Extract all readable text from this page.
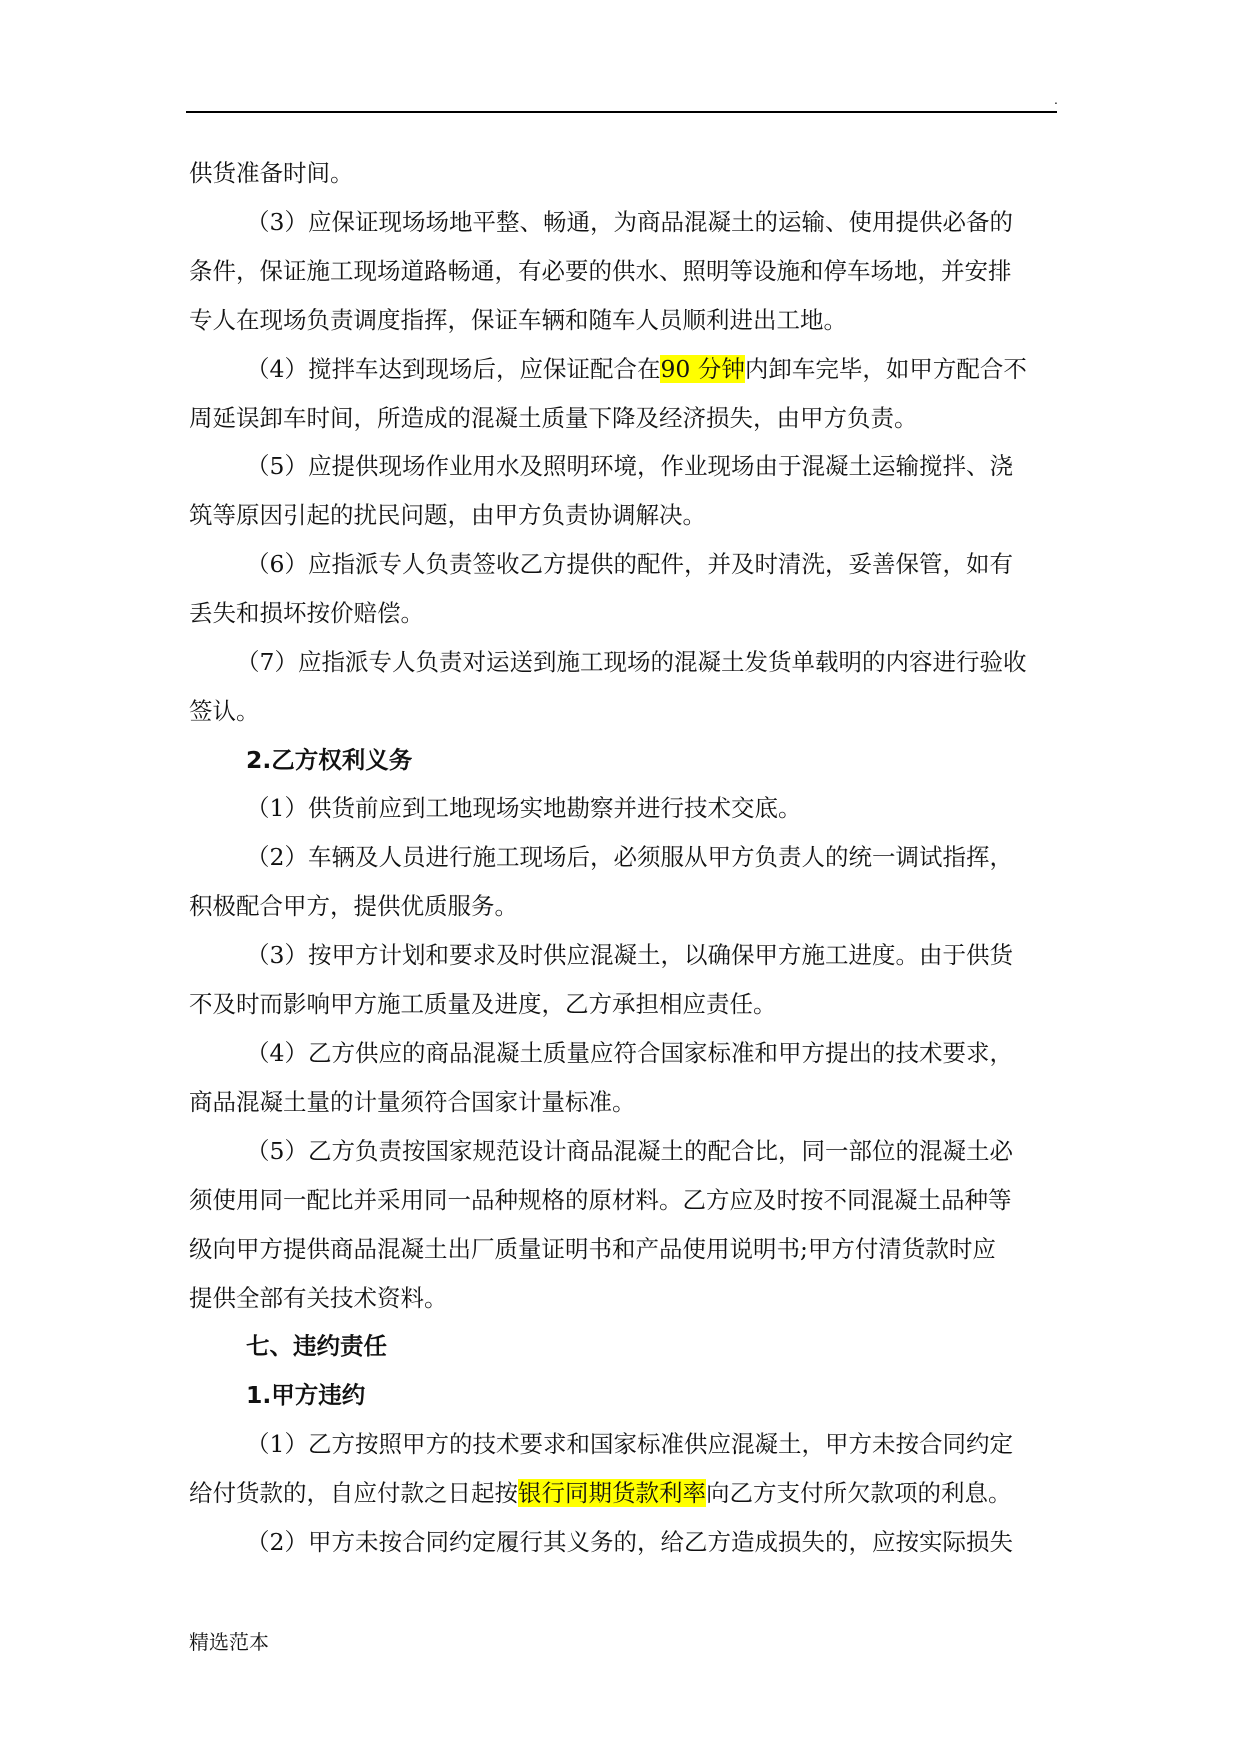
.
供货准备时间。
（3）应保证现场场地平整、畅通，为商品混凝土的运输、使用提供必备的
条件，保证施工现场道路畅通，有必要的供水、照明等设施和停车场地，并安排
专人在现场负责调度指挥，保证车辆和随车人员顺利进出工地。
（4）搅拌车达到现场后，应保证配合在90 分钟内卸车完毕，如甲方配合不
周延误卸车时间，所造成的混凝土质量下降及经济损失，由甲方负责。
（5）应提供现场作业用水及照明环境，作业现场由于混凝土运输搅拌、浇
筑等原因引起的扰民问题，由甲方负责协调解决。
（6）应指派专人负责签收乙方提供的配件，并及时清洗，妥善保管，如有
丢失和损坏按价赔偿。
（7）应指派专人负责对运送到施工现场的混凝土发货单载明的内容进行验收
签认。
2.乙方权利义务
（1）供货前应到工地现场实地勘察并进行技术交底。
（2）车辆及人员进行施工现场后，必须服从甲方负责人的统一调试指挥，
积极配合甲方，提供优质服务。
（3）按甲方计划和要求及时供应混凝土，以确保甲方施工进度。由于供货
不及时而影响甲方施工质量及进度，乙方承担相应责任。
（4）乙方供应的商品混凝土质量应符合国家标准和甲方提出的技术要求，
商品混凝土量的计量须符合国家计量标准。
（5）乙方负责按国家规范设计商品混凝土的配合比，同一部位的混凝土必
须使用同一配比并采用同一品种规格的原材料。乙方应及时按不同混凝土品种等
级向甲方提供商品混凝土出厂质量证明书和产品使用说明书;甲方付清货款时应
提供全部有关技术资料。
七、违约责任
1.甲方违约
（1）乙方按照甲方的技术要求和国家标准供应混凝土，甲方未按合同约定
给付货款的，自应付款之日起按银行同期货款利率向乙方支付所欠款项的利息。
（2）甲方未按合同约定履行其义务的，给乙方造成损失的，应按实际损失
精选范本
